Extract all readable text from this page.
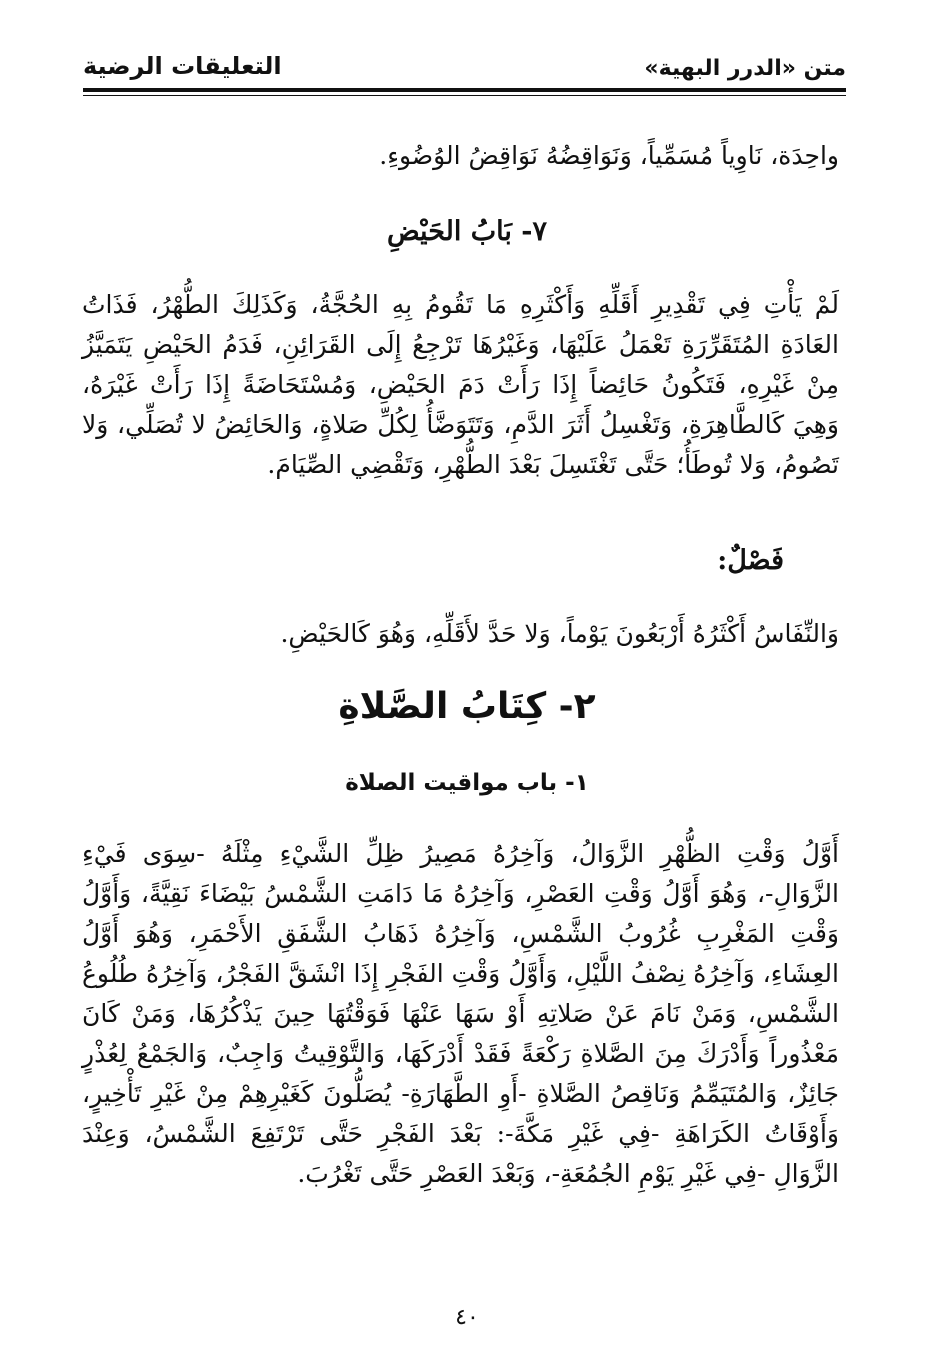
متن «الدرر البهية»
التعليقات الرضية
واحِدَة، نَاوِياً مُسَمِّياً، وَنَوَاقِضُهُ نَوَاقِضُ الوُضُوءِ.
٧- بَابُ الحَيْضِ
لَمْ يَأْتِ فِي تَقْدِيرِ أَقَلِّهِ وَأَكْثَرِهِ مَا تَقُومُ بِهِ الحُجَّةُ، وَكَذَلِكَ الطُّهْرُ، فَذَاتُ العَادَةِ المُتَقَرِّرَةِ تَعْمَلُ عَلَيْهَا، وَغَيْرُهَا تَرْجِعُ إِلَى القَرَائِنِ، فَدَمُ الحَيْضِ يَتَمَيَّزُ مِنْ غَيْرِهِ، فَتَكُونُ حَائِضاً إِذَا رَأَتْ دَمَ الحَيْضِ، وَمُسْتَحَاضَةً إِذَا رَأَتْ غَيْرَهُ، وَهِيَ كَالطَّاهِرَةِ، وَتَغْسِلُ أَثَرَ الدَّمِ، وَتَتَوَضَّأُ لِكُلِّ صَلاةٍ، وَالحَائِضُ لا تُصَلِّي، وَلا تَصُومُ، وَلا تُوطَأُ؛ حَتَّى تَغْتَسِلَ بَعْدَ الطُّهْرِ، وَتَقْضِي الصِّيَامَ.
فَصْلٌ:
وَالنِّفَاسُ أَكْثَرُهُ أَرْبَعُونَ يَوْماً، وَلا حَدَّ لأَقَلِّهِ، وَهُوَ كَالحَيْضِ.
٢- كِتَابُ الصَّلاةِ
١- باب مواقيت الصلاة
أَوَّلُ وَقْتِ الظُّهْرِ الزَّوَالُ، وَآخِرُهُ مَصِيرُ ظِلِّ الشَّيْءِ مِثْلَهُ -سِوَى فَيْءِ الزَّوَالِ-، وَهُوَ أَوَّلُ وَقْتِ العَصْرِ، وَآخِرُهُ مَا دَامَتِ الشَّمْسُ بَيْضَاءَ نَقِيَّةً، وَأَوَّلُ وَقْتِ المَغْرِبِ غُرُوبُ الشَّمْسِ، وَآخِرُهُ ذَهَابُ الشَّفَقِ الأَحْمَرِ، وَهُوَ أَوَّلُ العِشَاءِ، وَآخِرُهُ نِصْفُ اللَّيْلِ، وَأَوَّلُ وَقْتِ الفَجْرِ إِذَا انْشَقَّ الفَجْرُ، وَآخِرُهُ طُلُوعُ الشَّمْسِ، وَمَنْ نَامَ عَنْ صَلاتِهِ أَوْ سَهَا عَنْهَا فَوَقْتُهَا حِينَ يَذْكُرُهَا، وَمَنْ كَانَ مَعْذُوراً وَأَدْرَكَ مِنَ الصَّلاةِ رَكْعَةً فَقَدْ أَدْرَكَهَا، وَالتَّوْقِيتُ وَاجِبٌ، وَالجَمْعُ لِعُذْرٍ جَائِزٌ، وَالمُتَيَمِّمُ وَنَاقِصُ الصَّلاةِ -أَوِ الطَّهَارَةِ- يُصَلُّونَ كَغَيْرِهِمْ مِنْ غَيْرِ تَأْخِيرٍ، وَأَوْقَاتُ الكَرَاهَةِ -فِي غَيْرِ مَكَّةَ-: بَعْدَ الفَجْرِ حَتَّى تَرْتَفِعَ الشَّمْسُ، وَعِنْدَ الزَّوَالِ -فِي غَيْرِ يَوْمِ الجُمُعَةِ-، وَبَعْدَ العَصْرِ حَتَّى تَغْرُبَ.
٤٠
